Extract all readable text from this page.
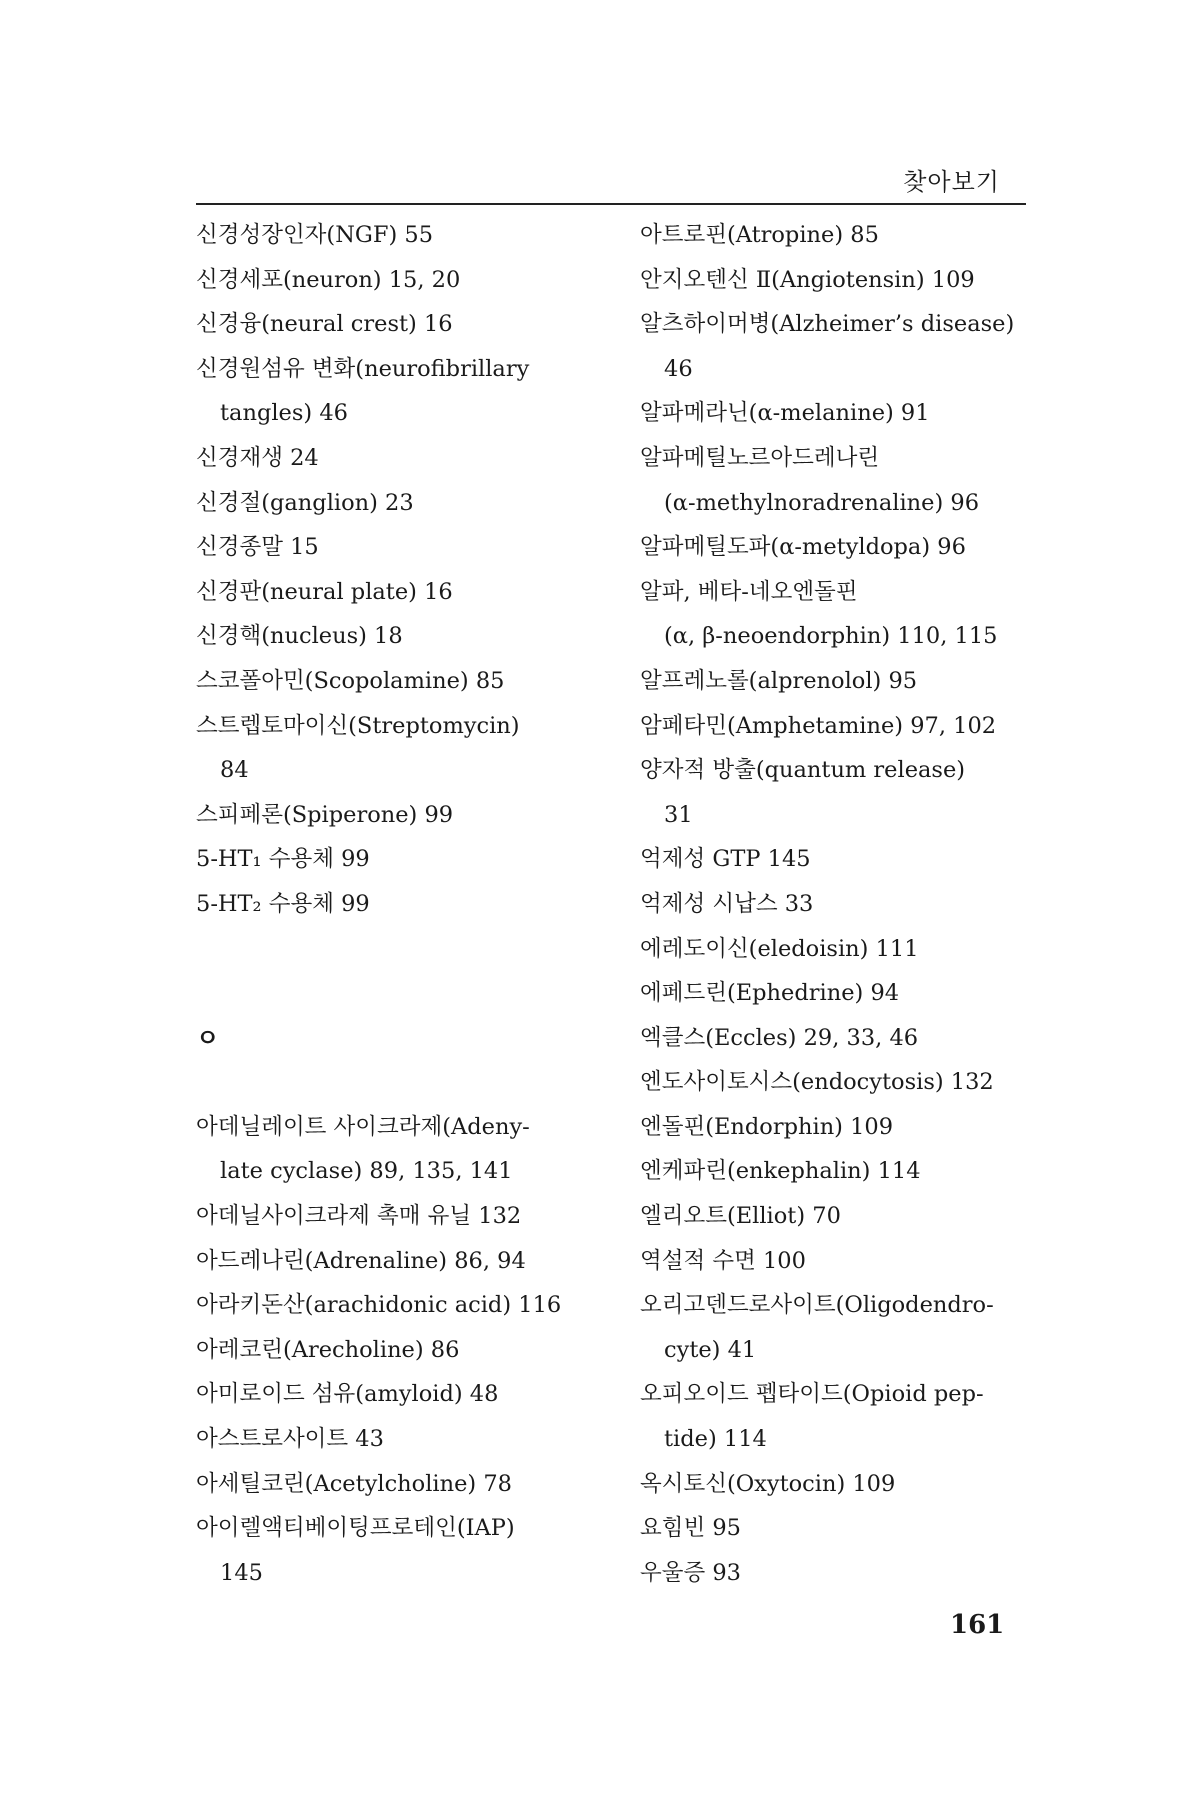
찾아보기
신경성장인자(NGF) 55
신경세포(neuron) 15, 20
신경융(neural crest) 16
신경원섬유 변화(neurofibrillary
tangles) 46
신경재생 24
신경절(ganglion) 23
신경종말 15
신경판(neural plate) 16
신경핵(nucleus) 18
스코폴아민(Scopolamine) 85
스트렙토마이신(Streptomycin)
84
스피페론(Spiperone) 99
5-HT₁ 수용체 99
5-HT₂ 수용체 99
ㅇ
아데닐레이트 사이크라제(Adeny-
late cyclase) 89, 135, 141
아데닐사이크라제 촉매 유닐 132
아드레나린(Adrenaline) 86, 94
아라키돈산(arachidonic acid) 116
아레코린(Arecholine) 86
아미로이드 섬유(amyloid) 48
아스트로사이트 43
아세틸코린(Acetylcholine) 78
아이렐액티베이팅프로테인(IAP)
145
아트로핀(Atropine) 85
안지오텐신 Ⅱ(Angiotensin) 109
알츠하이머병(Alzheimer’s disease)
46
알파메라닌(α-melanine) 91
알파메틸노르아드레나린
(α-methylnoradrenaline) 96
알파메틸도파(α-metyldopa) 96
알파, 베타-네오엔돌핀
(α, β-neoendorphin) 110, 115
알프레노롤(alprenolol) 95
암페타민(Amphetamine) 97, 102
양자적 방출(quantum release)
31
억제성 GTP 145
억제성 시납스 33
에레도이신(eledoisin) 111
에페드린(Ephedrine) 94
엑클스(Eccles) 29, 33, 46
엔도사이토시스(endocytosis) 132
엔돌핀(Endorphin) 109
엔케파린(enkephalin) 114
엘리오트(Elliot) 70
역설적 수면 100
오리고덴드로사이트(Oligodendro-
cyte) 41
오피오이드 펩타이드(Opioid pep-
tide) 114
옥시토신(Oxytocin) 109
요힘빈 95
우울증 93
161
